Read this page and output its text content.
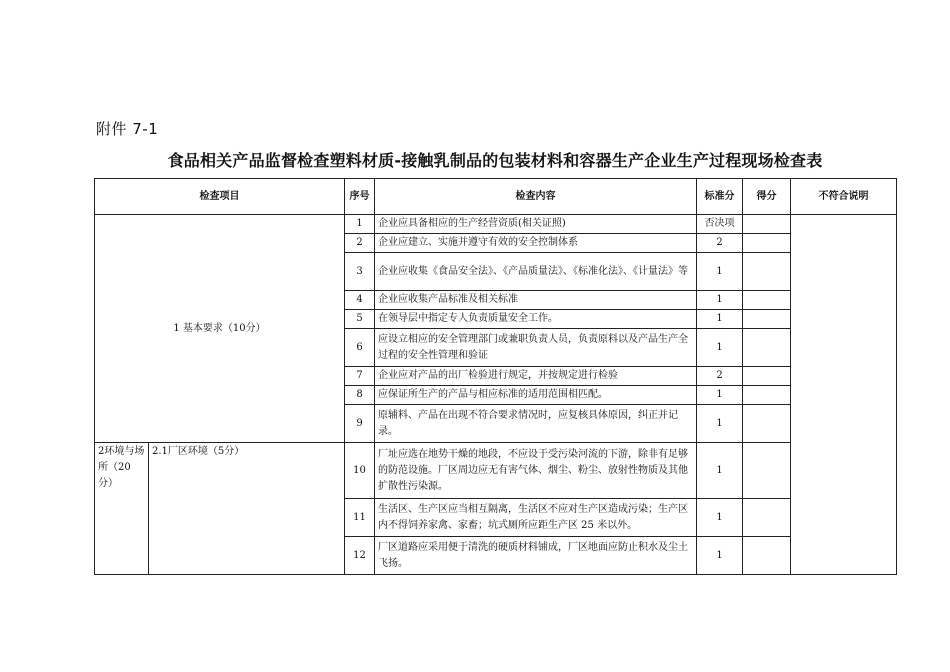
附件 7-1
食品相关产品监督检查塑料材质-接触乳制品的包装材料和容器生产企业生产过程现场检查表
检查项目		序号	检查内容	标准分	得分	不符合说明
1 基本要求（10分）		1	企业应具备相应的生产经营资质(相关证照)	否决项		
		2	企业应建立、实施并遵守有效的安全控制体系	2		
		3	企业应收集《食品安全法》、《产品质量法》、《标准化法》、《计量法》等	1		
		4	企业应收集产品标准及相关标准	1		
		5	在领导层中指定专人负责质量安全工作。	1		
		6	应设立相应的安全管理部门或兼职负责人员，负责原料以及产品生产全过程的安全性管理和验证	1		
		7	企业应对产品的出厂检验进行规定，并按规定进行检验	2		
		8	应保证所生产的产品与相应标准的适用范围相匹配。	1		
		9	原辅料、产品在出现不符合要求情况时，应复核具体原因，纠正并记录。	1		
2环境与场所（20分）	2.1厂区环境（5分）	10	厂址应选在地势干燥的地段，不应设于受污染河流的下游，除非有足够的防范设施。厂区周边应无有害气体、烟尘、粉尘、放射性物质及其他扩散性污染源。	1		
		11	生活区、生产区应当相互隔离，生活区不应对生产区造成污染；生产区内不得饲养家禽、家畜；坑式厕所应距生产区 25 米以外。	1		
		12	厂区道路应采用便于清洗的硬质材料铺成，厂区地面应防止积水及尘土飞扬。	1		
